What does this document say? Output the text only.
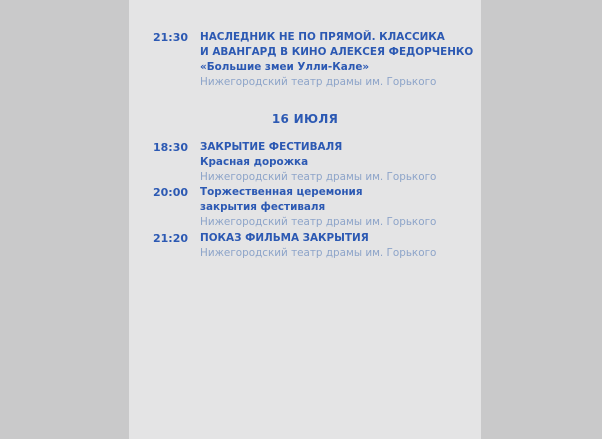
21:30 НАСЛЕДНИК НЕ ПО ПРЯМОЙ. КЛАССИКА
И АВАНГАРД В КИНО АЛЕКСЕЯ ФЕДОРЧЕНКО
«Большие змеи Улли-Кале»
Нижегородский театр драмы им. Горького
16 ИЮЛЯ
18:30 ЗАКРЫТИЕ ФЕСТИВАЛЯ
Красная дорожка
Нижегородский театр драмы им. Горького
20:00 Торжественная церемония
закрытия фестиваля
Нижегородский театр драмы им. Горького
21:20 ПОКАЗ ФИЛЬМА ЗАКРЫТИЯ
Нижегородский театр драмы им. Горького
